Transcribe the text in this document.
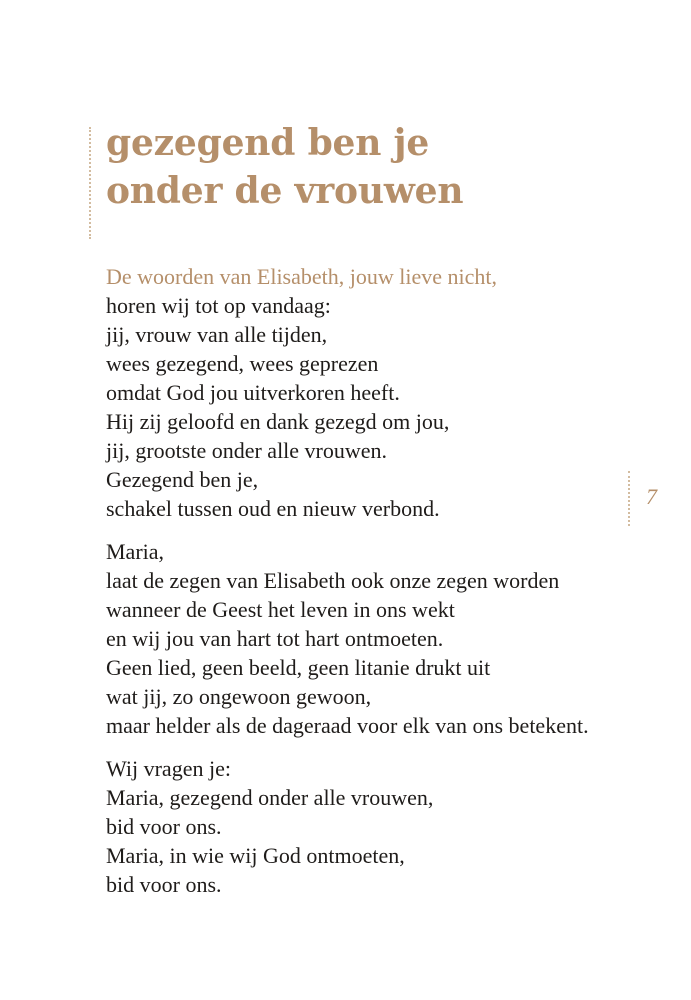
gezegend ben je
onder de vrouwen
De woorden van Elisabeth, jouw lieve nicht,
horen wij tot op vandaag:
jij, vrouw van alle tijden,
wees gezegend, wees geprezen
omdat God jou uitverkoren heeft.
Hij zij geloofd en dank gezegd om jou,
jij, grootste onder alle vrouwen.
Gezegend ben je,
schakel tussen oud en nieuw verbond.
Maria,
laat de zegen van Elisabeth ook onze zegen worden
wanneer de Geest het leven in ons wekt
en wij jou van hart tot hart ontmoeten.
Geen lied, geen beeld, geen litanie drukt uit
wat jij, zo ongewoon gewoon,
maar helder als de dageraad voor elk van ons betekent.
Wij vragen je:
Maria, gezegend onder alle vrouwen,
bid voor ons.
Maria, in wie wij God ontmoeten,
bid voor ons.
7
